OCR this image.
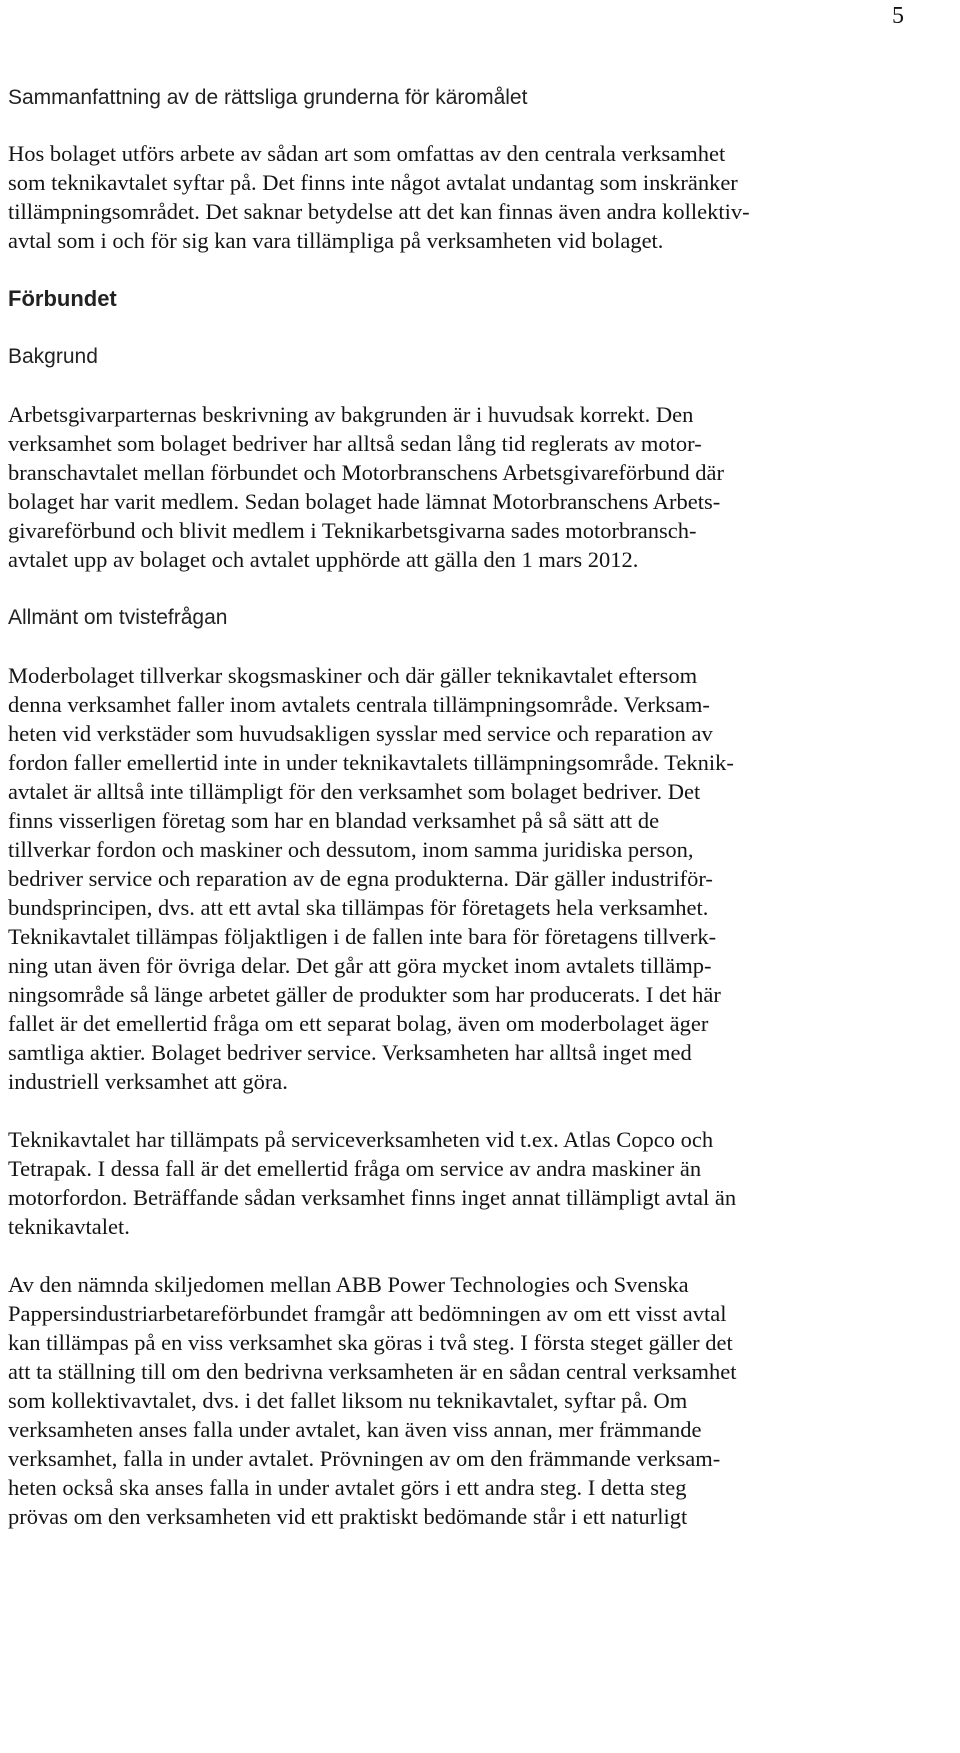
5
Sammanfattning av de rättsliga grunderna för käromålet
Hos bolaget utförs arbete av sådan art som omfattas av den centrala verksamhet
som teknikavtalet syftar på. Det finns inte något avtalat undantag som inskränker
tillämpningsområdet. Det saknar betydelse att det kan finnas även andra kollektiv-
avtal som i och för sig kan vara tillämpliga på verksamheten vid bolaget.
Förbundet
Bakgrund
Arbetsgivarparternas beskrivning av bakgrunden är i huvudsak korrekt. Den
verksamhet som bolaget bedriver har alltså sedan lång tid reglerats av motor-
branschavtalet mellan förbundet och Motorbranschens Arbetsgivareförbund där
bolaget har varit medlem. Sedan bolaget hade lämnat Motorbranschens Arbets-
givareförbund och blivit medlem i Teknikarbetsgivarna sades motorbransch-
avtalet upp av bolaget och avtalet upphörde att gälla den 1 mars 2012.
Allmänt om tvistefrågan
Moderbolaget tillverkar skogsmaskiner och där gäller teknikavtalet eftersom
denna verksamhet faller inom avtalets centrala tillämpningsområde. Verksam-
heten vid verkstäder som huvudsakligen sysslar med service och reparation av
fordon faller emellertid inte in under teknikavtalets tillämpningsområde. Teknik-
avtalet är alltså inte tillämpligt för den verksamhet som bolaget bedriver. Det
finns visserligen företag som har en blandad verksamhet på så sätt att de
tillverkar fordon och maskiner och dessutom, inom samma juridiska person,
bedriver service och reparation av de egna produkterna. Där gäller industriför-
bundsprincipen, dvs. att ett avtal ska tillämpas för företagets hela verksamhet.
Teknikavtalet tillämpas följaktligen i de fallen inte bara för företagens tillverk-
ning utan även för övriga delar. Det går att göra mycket inom avtalets tillämp-
ningsområde så länge arbetet gäller de produkter som har producerats. I det här
fallet är det emellertid fråga om ett separat bolag, även om moderbolaget äger
samtliga aktier. Bolaget bedriver service. Verksamheten har alltså inget med
industriell verksamhet att göra.
Teknikavtalet har tillämpats på serviceverksamheten vid t.ex. Atlas Copco och
Tetrapak. I dessa fall är det emellertid fråga om service av andra maskiner än
motorfordon. Beträffande sådan verksamhet finns inget annat tillämpligt avtal än
teknikavtalet.
Av den nämnda skiljedomen mellan ABB Power Technologies och Svenska
Pappersindustriarbetareförbundet framgår att bedömningen av om ett visst avtal
kan tillämpas på en viss verksamhet ska göras i två steg. I första steget gäller det
att ta ställning till om den bedrivna verksamheten är en sådan central verksamhet
som kollektivavtalet, dvs. i det fallet liksom nu teknikavtalet, syftar på. Om
verksamheten anses falla under avtalet, kan även viss annan, mer främmande
verksamhet, falla in under avtalet. Prövningen av om den främmande verksam-
heten också ska anses falla in under avtalet görs i ett andra steg. I detta steg
prövas om den verksamheten vid ett praktiskt bedömande står i ett naturligt
